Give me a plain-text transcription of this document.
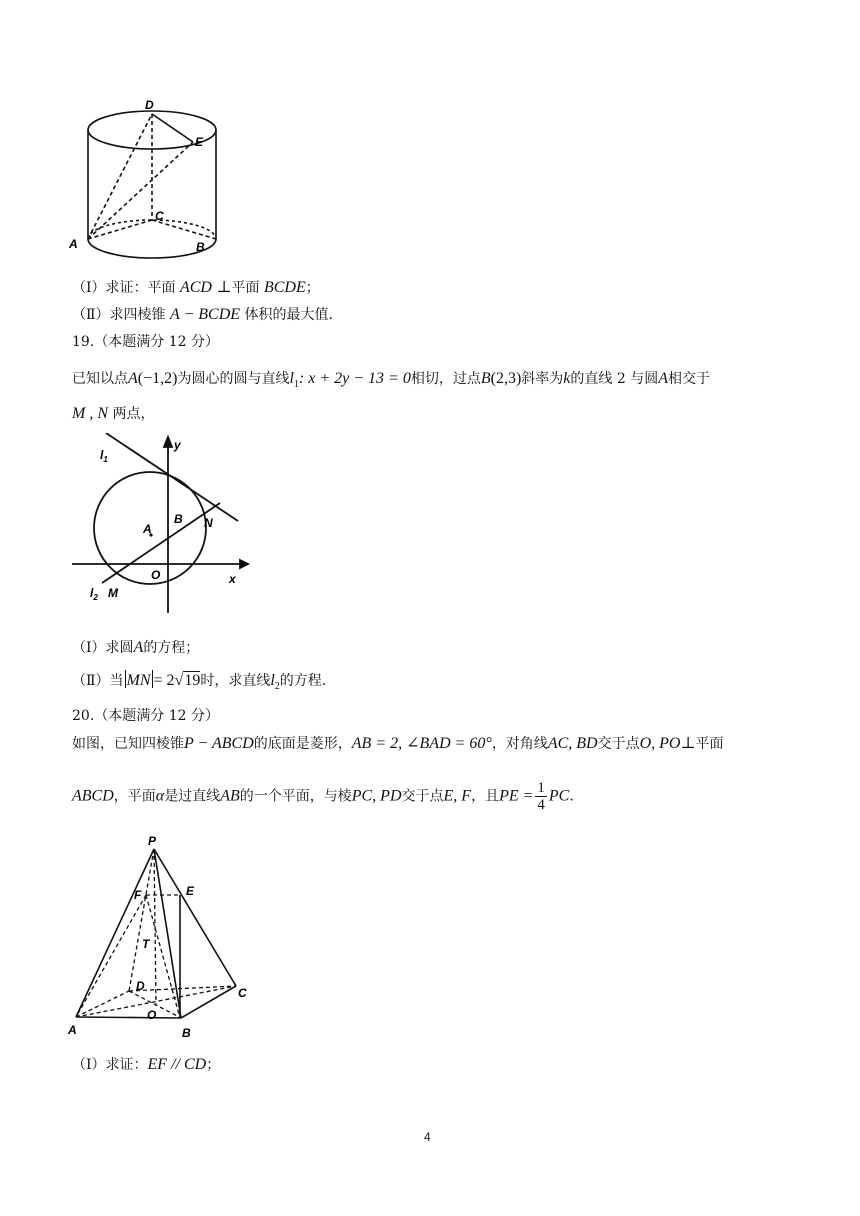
D
E
C
A	B
（Ⅰ）求证：平面 ACD ⊥平面 BCDE；
（Ⅱ）求四棱锥 A − BCDE 体积的最大值.
19.（本题满分 12 分）
已知以点A(−1,2)为圆心的圆与直线$l_1$: x + 2y − 13 = 0相切，过点B(2,3)斜率为k的直线 2 与圆A相交于
M , N 两点，
y
x
O
A
B N
M
$l_1$
$l_2$
（Ⅰ）求圆A的方程；
（Ⅱ）当 MN = 2√19时，求直线$l_2$的方程.
20.（本题满分 12 分）
如图，已知四棱锥P − ABCD的底面是菱形，AB = 2, ∠BAD = 60°，对角线AC, BD交于点O, PO⊥平面
ABCD，平面α是过直线AB的一个平面，与棱PC, PD交于点E, F，且PE = $\frac{1}{4}$ PC.
P
E
F
T
D	C
O
A	B
（Ⅰ）求证：EF // CD；
4
